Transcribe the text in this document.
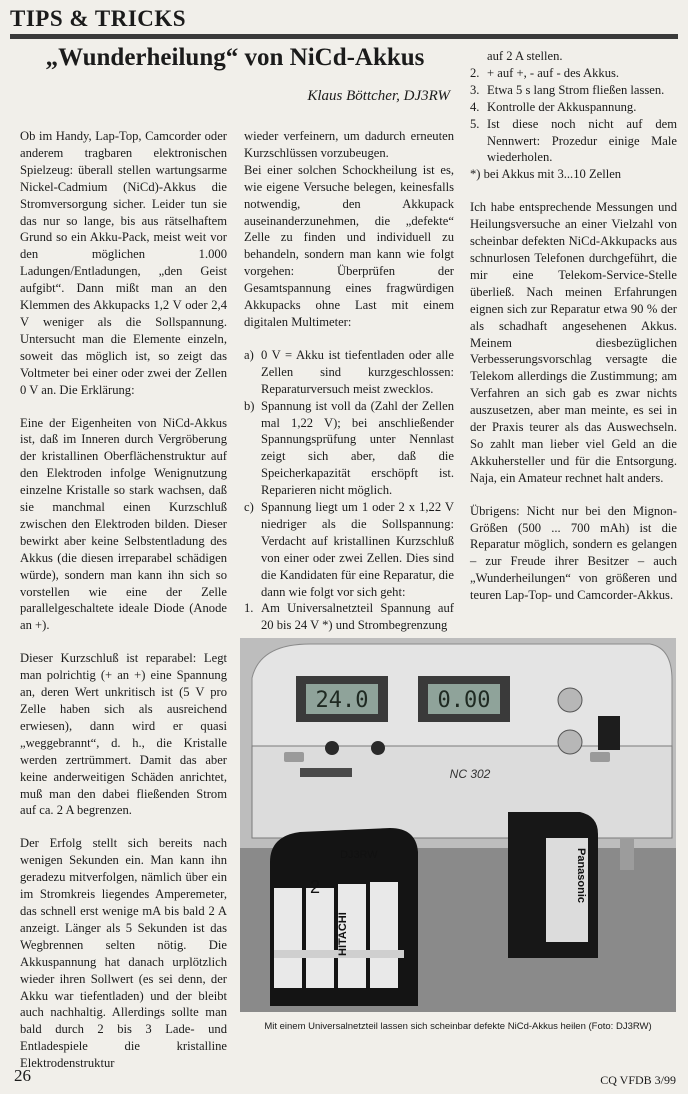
TIPS & TRICKS
„Wunderheilung“ von NiCd-Akkus
Klaus Böttcher, DJ3RW

Ob im Handy, Lap-Top, Camcorder oder anderem tragbaren elektronischen Spielzeug: überall stellen wartungsarme Nickel-Cadmium (NiCd)-Akkus die Stromversorgung sicher. Leider tun sie das nur so lange, bis aus rätselhaftem Grund so ein Akku-Pack, meist weit vor den möglichen 1.000 Ladungen/Entladungen, „den Geist aufgibt“. Dann mißt man an den Klemmen des Akkupacks 1,2 V oder 2,4 V weniger als die Sollspannung. Untersucht man die Elemente einzeln, soweit das möglich ist, so zeigt das Voltmeter bei einer oder zwei der Zellen 0 V an. Die Erklärung:

Eine der Eigenheiten von NiCd-Akkus ist, daß im Inneren durch Vergröberung der kristallinen Oberflächenstruktur auf den Elektroden infolge Wenignutzung einzelne Kristalle so stark wachsen, daß sie manchmal einen Kurzschluß zwischen den Elektroden bilden. Dieser bewirkt aber keine Selbstentladung des Akkus (die diesen irreparabel schädigen würde), sondern man kann ihn sich so vorstellen wie eine der Zelle parallelgeschaltete ideale Diode (Anode an +).

Dieser Kurzschluß ist reparabel: Legt man polrichtig (+ an +) eine Spannung an, deren Wert unkritisch ist (5 V pro Zelle haben sich als ausreichend erwiesen), dann wird er quasi „weggebrannt“, d. h., die Kristalle werden zertrümmert. Damit das aber keine anderweitigen Schäden anrichtet, muß man den dabei fließenden Strom auf ca. 2 A begrenzen.

Der Erfolg stellt sich bereits nach wenigen Sekunden ein. Man kann ihn geradezu mitverfolgen, nämlich über ein im Stromkreis liegendes Amperemeter, das schnell erst wenige mA bis bald 2 A anzeigt. Länger als 5 Sekunden ist das Wegbrennen selten nötig. Die Akkuspannung hat danach urplötzlich wieder ihren Sollwert (es sei denn, der Akku war tiefentladen) und der bleibt auch nachhaltig. Allerdings sollte man bald durch 2 bis 3 Lade- und Entladespiele die kristalline Elektrodenstruktur

wieder verfeinern, um dadurch erneuten Kurzschlüssen vorzubeugen.

Bei einer solchen Schockheilung ist es, wie eigene Versuche belegen, keinesfalls notwendig, den Akkupack auseinanderzunehmen, die „defekte“ Zelle zu finden und individuell zu behandeln, sondern man kann wie folgt vorgehen: Überprüfen der Gesamtspannung eines fragwürdigen Akkupacks ohne Last mit einem digitalen Multimeter:

a) 0 V = Akku ist tiefentladen oder alle Zellen sind kurzgeschlossen: Reparaturversuch meist zwecklos.
b) Spannung ist voll da (Zahl der Zellen mal 1,22 V); bei anschließender Spannungsprüfung unter Nennlast zeigt sich aber, daß die Speicherkapazität erschöpft ist. Reparieren nicht möglich.
c) Spannung liegt um 1 oder 2 x 1,22 V niedriger als die Sollspannung: Verdacht auf kristallinen Kurzschluß von einer oder zwei Zellen. Dies sind die Kandidaten für eine Reparatur, die dann wie folgt vor sich geht:
1. Am Universalnetzteil Spannung auf 20 bis 24 V *) und Strombegrenzung
auf 2 A stellen.
2. + auf +, - auf - des Akkus.
3. Etwa 5 s lang Strom fließen lassen.
4. Kontrolle der Akkuspannung.
5. Ist diese noch nicht auf dem Nennwert: Prozedur einige Male wiederholen.

*) bei Akkus mit 3...10 Zellen

Ich habe entsprechende Messungen und Heilungsversuche an einer Vielzahl von scheinbar defekten NiCd-Akkupacks aus schnurlosen Telefonen durchgeführt, die mir eine Telekom-Service-Stelle überließ. Nach meinen Erfahrungen eignen sich zur Reparatur etwa 90 % der als schadhaft angesehenen Akkus. Meinem diesbezüglichen Verbesserungsvorschlag versagte die Telekom allerdings die Zustimmung; am Verfahren an sich gab es zwar nichts auszusetzen, aber man meinte, es sei in der Praxis teurer als das Auswechseln. So zahlt man lieber viel Geld an die Akkuhersteller und für die Entsorgung. Naja, ein Amateur rechnet halt anders.

Übrigens: Nicht nur bei den Mignon-Größen (500 ... 700 mAh) ist die Reparatur möglich, sondern es gelangen – zur Freude ihrer Besitzer – auch „Wunderheilungen“ von größeren und teuren Lap-Top- und Camcorder-Akkus.

24.0	0.00
NC 302
2
DJ3RW
HITACHI
Panasonic
Mit einem Universalnetzteil lassen sich scheinbar defekte NiCd-Akkus heilen (Foto: DJ3RW)
26	CQ VFDB 3/99
